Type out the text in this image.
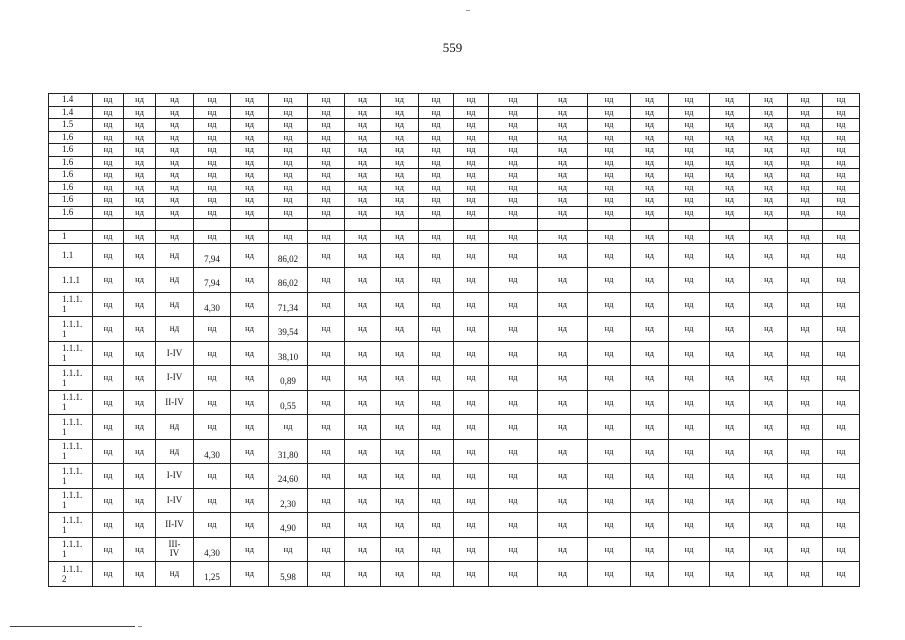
559
1.4	нд	нд	нд	нд	нд	нд	нд	нд	нд	нд	нд	нд	нд	нд	нд	нд	нд	нд	нд	нд
1.4	нд	нд	нд	нд	нд	нд	нд	нд	нд	нд	нд	нд	нд	нд	нд	нд	нд	нд	нд	нд
1.5	нд	нд	нд	нд	нд	нд	нд	нд	нд	нд	нд	нд	нд	нд	нд	нд	нд	нд	нд	нд
1.6	нд	нд	нд	нд	нд	нд	нд	нд	нд	нд	нд	нд	нд	нд	нд	нд	нд	нд	нд	нд
1.6	нд	нд	нд	нд	нд	нд	нд	нд	нд	нд	нд	нд	нд	нд	нд	нд	нд	нд	нд	нд
1.6	нд	нд	нд	нд	нд	нд	нд	нд	нд	нд	нд	нд	нд	нд	нд	нд	нд	нд	нд	нд
1.6	нд	нд	нд	нд	нд	нд	нд	нд	нд	нд	нд	нд	нд	нд	нд	нд	нд	нд	нд	нд
1.6	нд	нд	нд	нд	нд	нд	нд	нд	нд	нд	нд	нд	нд	нд	нд	нд	нд	нд	нд	нд
1.6	нд	нд	нд	нд	нд	нд	нд	нд	нд	нд	нд	нд	нд	нд	нд	нд	нд	нд	нд	нд
1.6	нд	нд	нд	нд	нд	нд	нд	нд	нд	нд	нд	нд	нд	нд	нд	нд	нд	нд	нд	нд

1	нд	нд	нд	нд	нд	нд	нд	нд	нд	нд	нд	нд	нд	нд	нд	нд	нд	нд	нд	нд
1.1	нд	нд	нд	7,94	нд	86,02	нд	нд	нд	нд	нд	нд	нд	нд	нд	нд	нд	нд	нд	нд
1.1.1	нд	нд	нд	7,94	нд	86,02	нд	нд	нд	нд	нд	нд	нд	нд	нд	нд	нд	нд	нд	нд
1.1.1.
1	нд	нд	нд	4,30	нд	71,34	нд	нд	нд	нд	нд	нд	нд	нд	нд	нд	нд	нд	нд	нд
1.1.1.
1	нд	нд	нд	нд	нд	39,54	нд	нд	нд	нд	нд	нд	нд	нд	нд	нд	нд	нд	нд	нд
1.1.1.
1	нд	нд	I-IV	нд	нд	38,10	нд	нд	нд	нд	нд	нд	нд	нд	нд	нд	нд	нд	нд	нд
1.1.1.
1	нд	нд	I-IV	нд	нд	0,89	нд	нд	нд	нд	нд	нд	нд	нд	нд	нд	нд	нд	нд	нд
1.1.1.
1	нд	нд	II-IV	нд	нд	0,55	нд	нд	нд	нд	нд	нд	нд	нд	нд	нд	нд	нд	нд	нд
1.1.1.
1	нд	нд	нд	нд	нд	нд	нд	нд	нд	нд	нд	нд	нд	нд	нд	нд	нд	нд	нд	нд
1.1.1.
1	нд	нд	нд	4,30	нд	31,80	нд	нд	нд	нд	нд	нд	нд	нд	нд	нд	нд	нд	нд	нд
1.1.1.
1	нд	нд	I-IV	нд	нд	24,60	нд	нд	нд	нд	нд	нд	нд	нд	нд	нд	нд	нд	нд	нд
1.1.1.
1	нд	нд	I-IV	нд	нд	2,30	нд	нд	нд	нд	нд	нд	нд	нд	нд	нд	нд	нд	нд	нд
1.1.1.
1	нд	нд	II-IV	нд	нд	4,90	нд	нд	нд	нд	нд	нд	нд	нд	нд	нд	нд	нд	нд	нд
1.1.1.
1	нд	нд	III-
IV	4,30	нд	нд	нд	нд	нд	нд	нд	нд	нд	нд	нд	нд	нд	нд	нд	нд
1.1.1.
2	нд	нд	нд	1,25	нд	5,98	нд	нд	нд	нд	нд	нд	нд	нд	нд	нд	нд	нд	нд	нд
